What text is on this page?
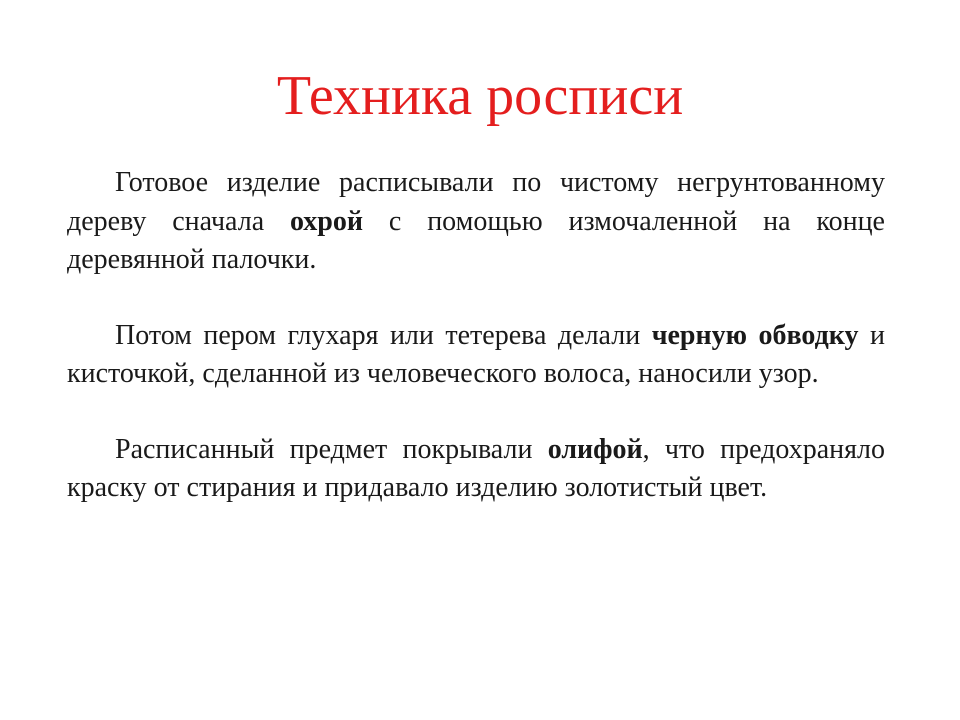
Техника росписи

Готовое изделие расписывали по чистому негрунтованному дереву сначала охрой с помощью измочаленной на конце деревянной палочки.

Потом пером глухаря или тетерева делали черную обводку и кисточкой, сделанной из человеческого волоса, наносили узор.

Расписанный предмет покрывали олифой, что предохраняло краску от стирания и придавало изделию золотистый цвет.
